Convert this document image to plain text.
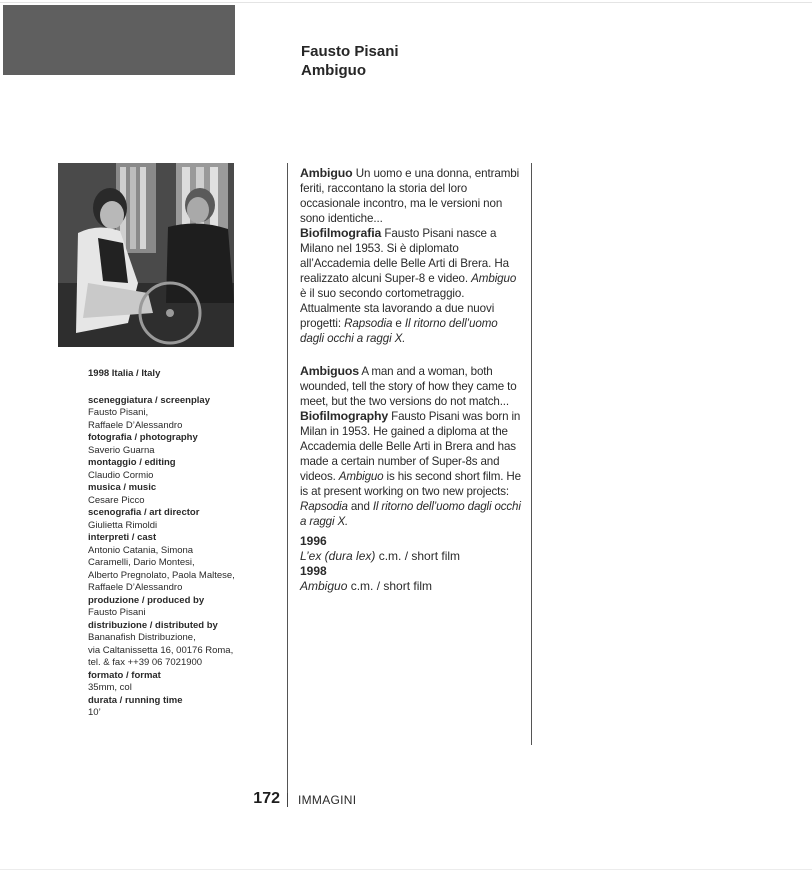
Fausto Pisani
Ambiguo
1998 Italia / Italy
sceneggiatura / screenplay
Fausto Pisani,
Raffaele D’Alessandro
fotografia / photography
Saverio Guarna
montaggio / editing
Claudio Cormio
musica / music
Cesare Picco
scenografia / art director
Giulietta Rimoldi
interpreti / cast
Antonio Catania, Simona
Caramelli, Dario Montesi,
Alberto Pregnolato, Paola Maltese,
Raffaele D’Alessandro
produzione / produced by
Fausto Pisani
distribuzione / distributed by
Bananafish Distribuzione,
via Caltanissetta 16, 00176 Roma,
tel. & fax ++39 06 7021900
formato / format
35mm, col
durata / running time
10’
Ambiguo Un uomo e una donna, entrambi feriti, raccontano la storia del loro occasionale incontro, ma le versioni non sono identiche...
Biofilmografia Fausto Pisani nasce a Milano nel 1953. Si è diplomato all’Accademia delle Belle Arti di Brera. Ha realizzato alcuni Super-8 e video. Ambiguo è il suo secondo cortometraggio. Attualmente sta lavorando a due nuovi progetti: Rapsodia e Il ritorno dell’uomo dagli occhi a raggi X.
Ambiguos A man and a woman, both wounded, tell the story of how they came to meet, but the two versions do not match...
Biofilmography Fausto Pisani was born in Milan in 1953. He gained a diploma at the Accademia delle Belle Arti in Brera and has made a certain number of Super-8s and videos. Ambiguo is his second short film. He is at present working on two new projects: Rapsodia and Il ritorno dell’uomo dagli occhi a raggi X.
1996
L’ex (dura lex) c.m. / short film
1998
Ambiguo c.m. / short film
172 IMMAGINI
